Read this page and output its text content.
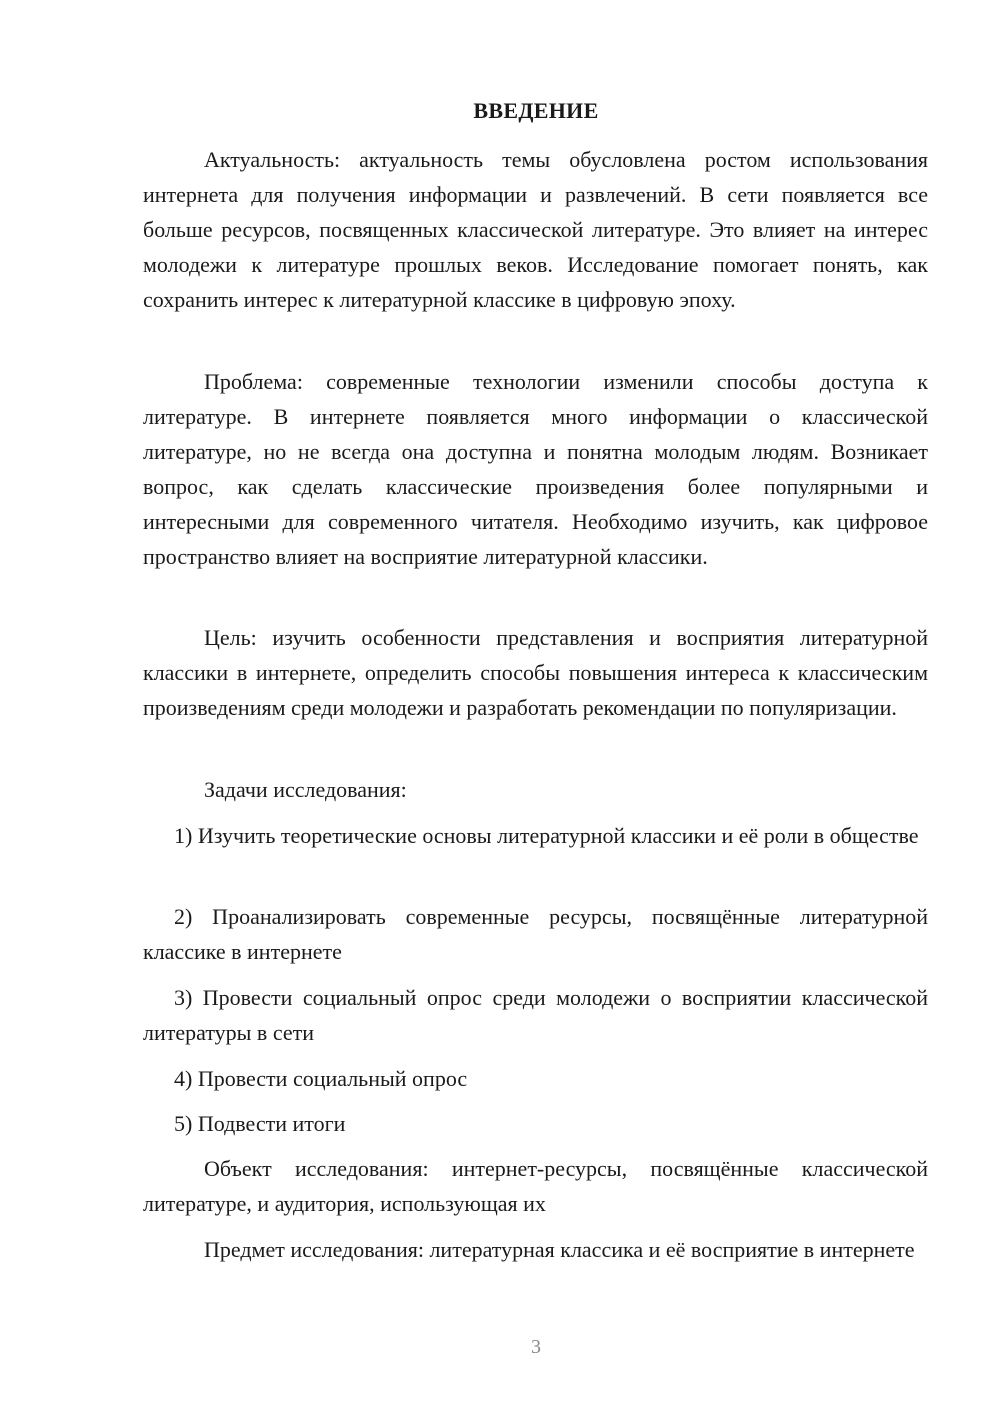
ВВЕДЕНИЕ
Актуальность: актуальность темы обусловлена ростом использования интернета для получения информации и развлечений. В сети появляется все больше ресурсов, посвященных классической литературе. Это влияет на интерес молодежи к литературе прошлых веков. Исследование помогает понять, как сохранить интерес к литературной классике в цифровую эпоху.
Проблема: современные технологии изменили способы доступа к литературе. В интернете появляется много информации о классической литературе, но не всегда она доступна и понятна молодым людям. Возникает вопрос, как сделать классические произведения более популярными и интересными для современного читателя. Необходимо изучить, как цифровое пространство влияет на восприятие литературной классики.
Цель: изучить особенности представления и восприятия литературной классики в интернете, определить способы повышения интереса к классическим произведениям среди молодежи и разработать рекомендации по популяризации.
Задачи исследования:
1) Изучить теоретические основы литературной классики и её роли в обществе
2) Проанализировать современные ресурсы, посвящённые литературной классике в интернете
3) Провести социальный опрос среди молодежи о восприятии классической литературы в сети
4) Провести социальный опрос
5) Подвести итоги
Объект исследования: интернет-ресурсы, посвящённые классической литературе, и аудитория, использующая их
Предмет исследования: литературная классика и её восприятие в интернете
3
